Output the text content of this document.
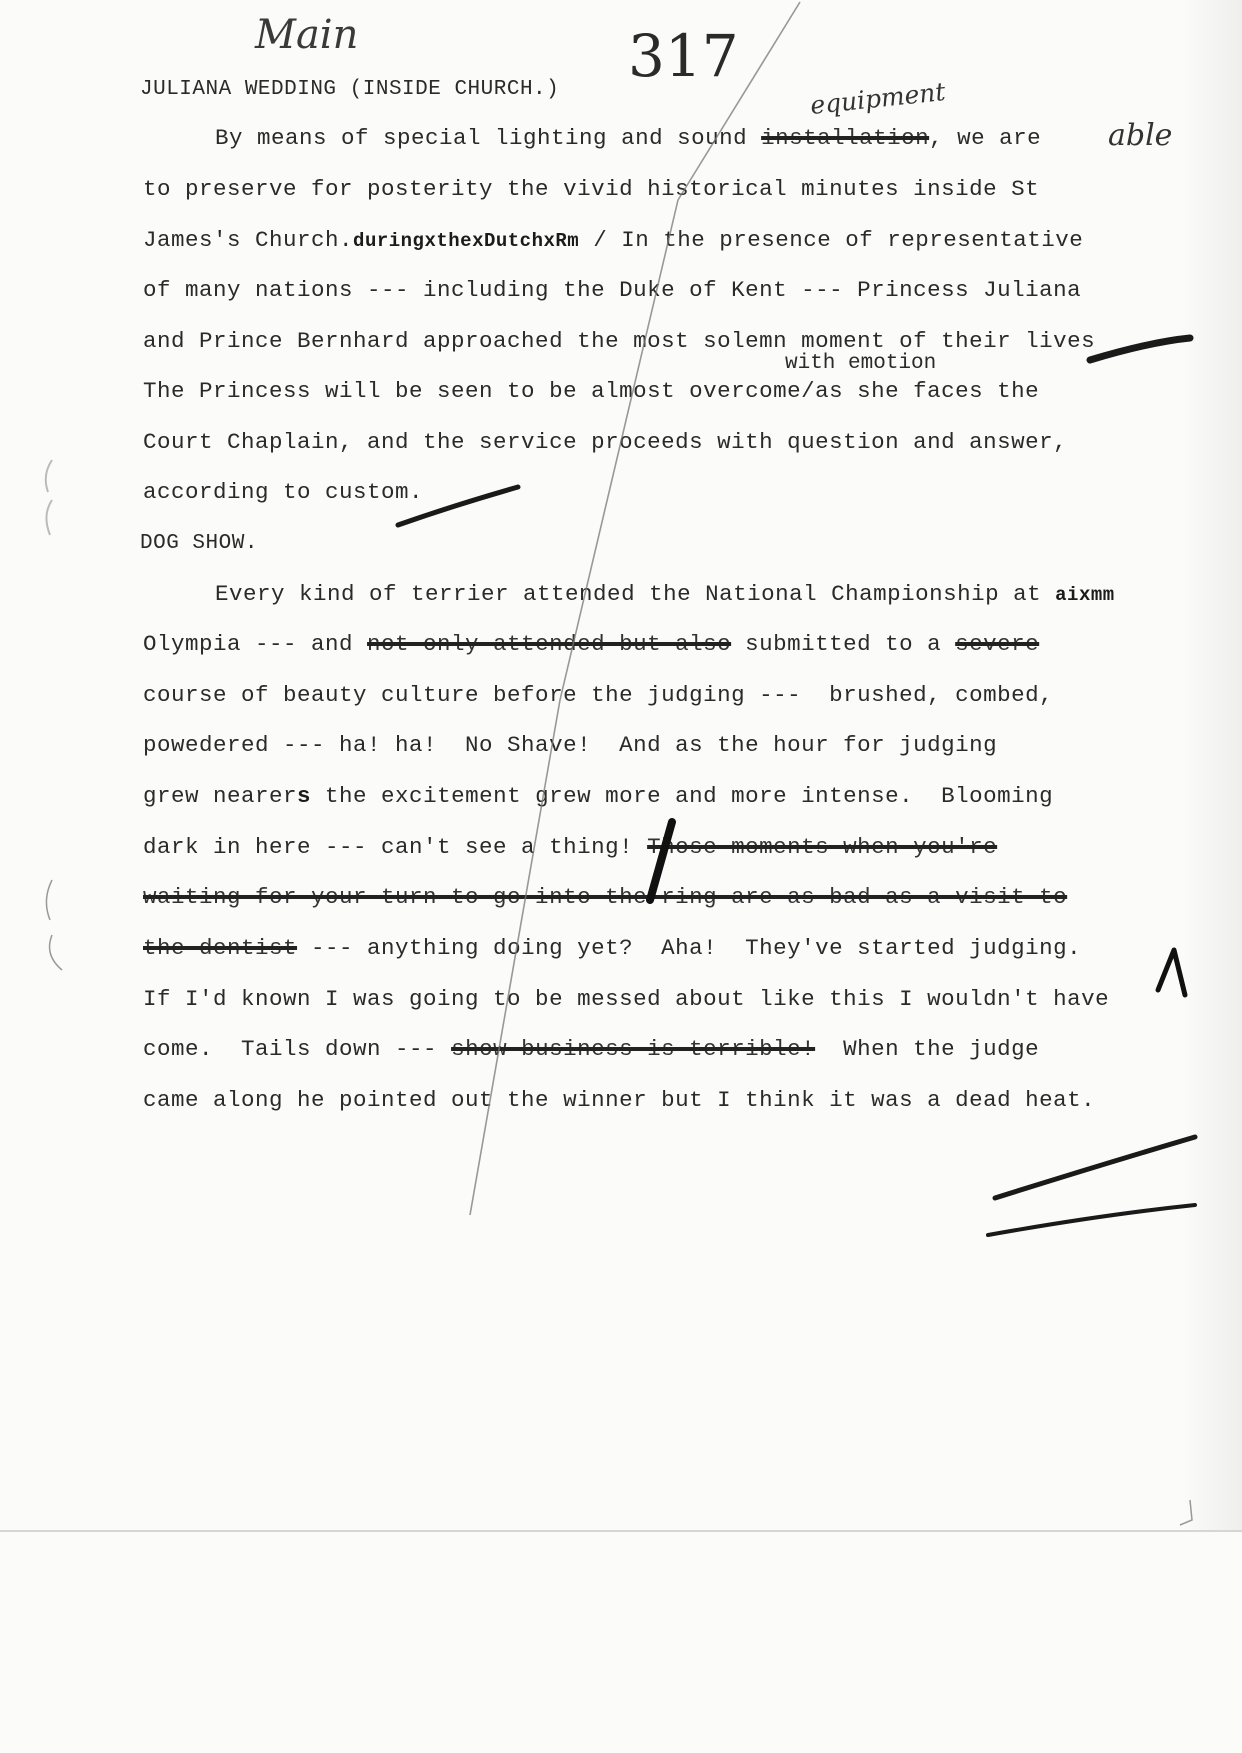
Main	317
equipment
able
JULIANA WEDDING (INSIDE CHURCH.)
By means of special lighting and sound installation, we are
to preserve for posterity the vivid historical minutes inside St
James's Church.duringxthexDutchxRm / In the presence of representative
of many nations --- including the Duke of Kent --- Princess Juliana
and Prince Bernhard approached the most solemn moment of their lives
with emotion
The Princess will be seen to be almost overcome/as she faces the
Court Chaplain, and the service proceeds with question and answer,
according to custom.
DOG SHOW.
Every kind of terrier attended the National Championship at aixmm
Olympia --- and not only attended but also submitted to a severe
course of beauty culture before the judging ---  brushed, combed,
powedered --- ha! ha!  No Shave!  And as the hour for judging
grew nearers the excitement grew more and more intense.  Blooming
dark in here --- can't see a thing! Those moments when you're
waiting for your turn to go into the ring are as bad as a visit to
the dentist --- anything doing yet?  Aha!  They've started judging.
If I'd known I was going to be messed about like this I wouldn't have
come.  Tails down --- show business is terrible!  When the judge
came along he pointed out the winner but I think it was a dead heat.
